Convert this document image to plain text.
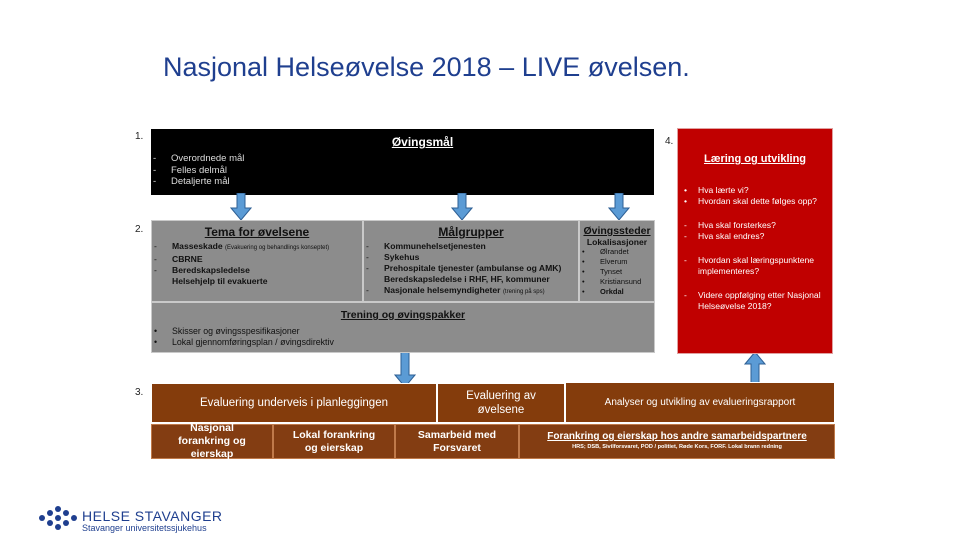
Nasjonal Helseøvelse 2018 – LIVE øvelsen.
1.
2.
3.
4.
Øvingsmål
- Overordnede mål
- Felles delmål
- Detaljerte mål
Tema for øvelsene
- Masseskade (Evakuering og behandlings konseptet)
- CBRNE
- Beredskapsledelse
Helsehjelp til evakuerte
Målgrupper
- Kommunehelsetjenesten
- Sykehus
- Prehospitale tjenester (ambulanse og AMK)
Beredskapsledelse i RHF, HF, kommuner
- Nasjonale helsemyndigheter (trening på sps)
Øvingssteder
Lokalisasjoner
• Ølrandet
• Elverum
• Tynset
• Kristiansund
• Orkdal
Trening og øvingspakker
• Skisser og øvingsspesifikasjoner
• Lokal gjennomføringsplan / øvingsdirektiv
Læring og utvikling
• Hva lærte vi?
• Hvordan skal dette følges opp?
- Hva skal forsterkes?
- Hva skal endres?
- Hvordan skal læringspunktene implementeres?
- Videre oppfølging etter Nasjonal Helseøvelse 2018?
Evaluering underveis i planleggingen
Evaluering av øvelsene
Analyser og utvikling av evalueringsrapport
Nasjonal forankring og eierskap
Lokal forankring og eierskap
Samarbeid med Forsvaret
Forankring og eierskap hos andre samarbeidspartnere
HRS; DSB, Sivilforsvaret, POD / politiet, Røde Kors, FORF. Lokal brann redning
HELSE STAVANGER
Stavanger universitetssjukehus
